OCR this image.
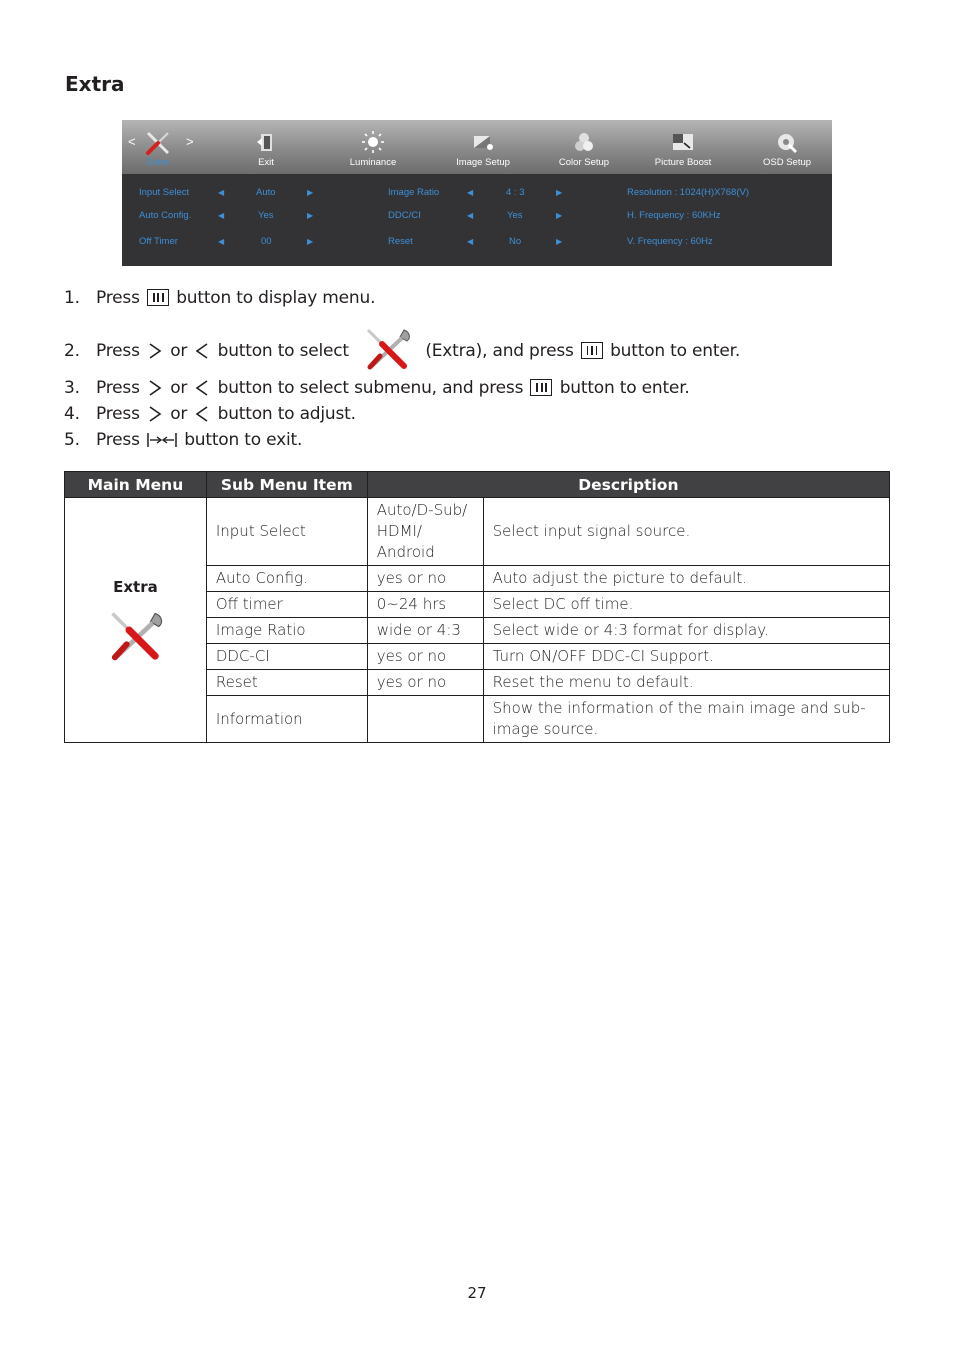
Extra
<	>
Extra	Exit	Luminance	Image Setup	Color Setup	Picture Boost	OSD Setup
Input Select	◀	Auto	▶	Image Ratio	◀	4 : 3	▶	Resolution : 1024(H)X768(V)
Auto Config.	◀	Yes	▶	DDC/CI	◀	Yes	▶	H. Frequency : 60KHz
Off Timer	◀	00	▶	Reset	◀	No	▶	V. Frequency : 60Hz
1. Press button to display menu.
2. Press or button to select	(Extra), and press button to enter.
3. Press or button to select submenu, and press button to enter.
4. Press or button to adjust.
5. Press	button to exit.
Main Menu	Sub Menu Item	Description	

Extra	Input Select	Auto/D-Sub/ HDMI/ Android	Select input signal source.
	Auto Config.	yes or no	Auto adjust the picture to default.
	Off timer	0~24 hrs	Select DC off time.
	Image Ratio	wide or 4:3	Select wide or 4:3 format for display.
	DDC-CI	yes or no	Turn ON/OFF DDC-CI Support.
	Reset	yes or no	Reset the menu to default.
	Information		Show the information of the main image and sub-image source.
27
